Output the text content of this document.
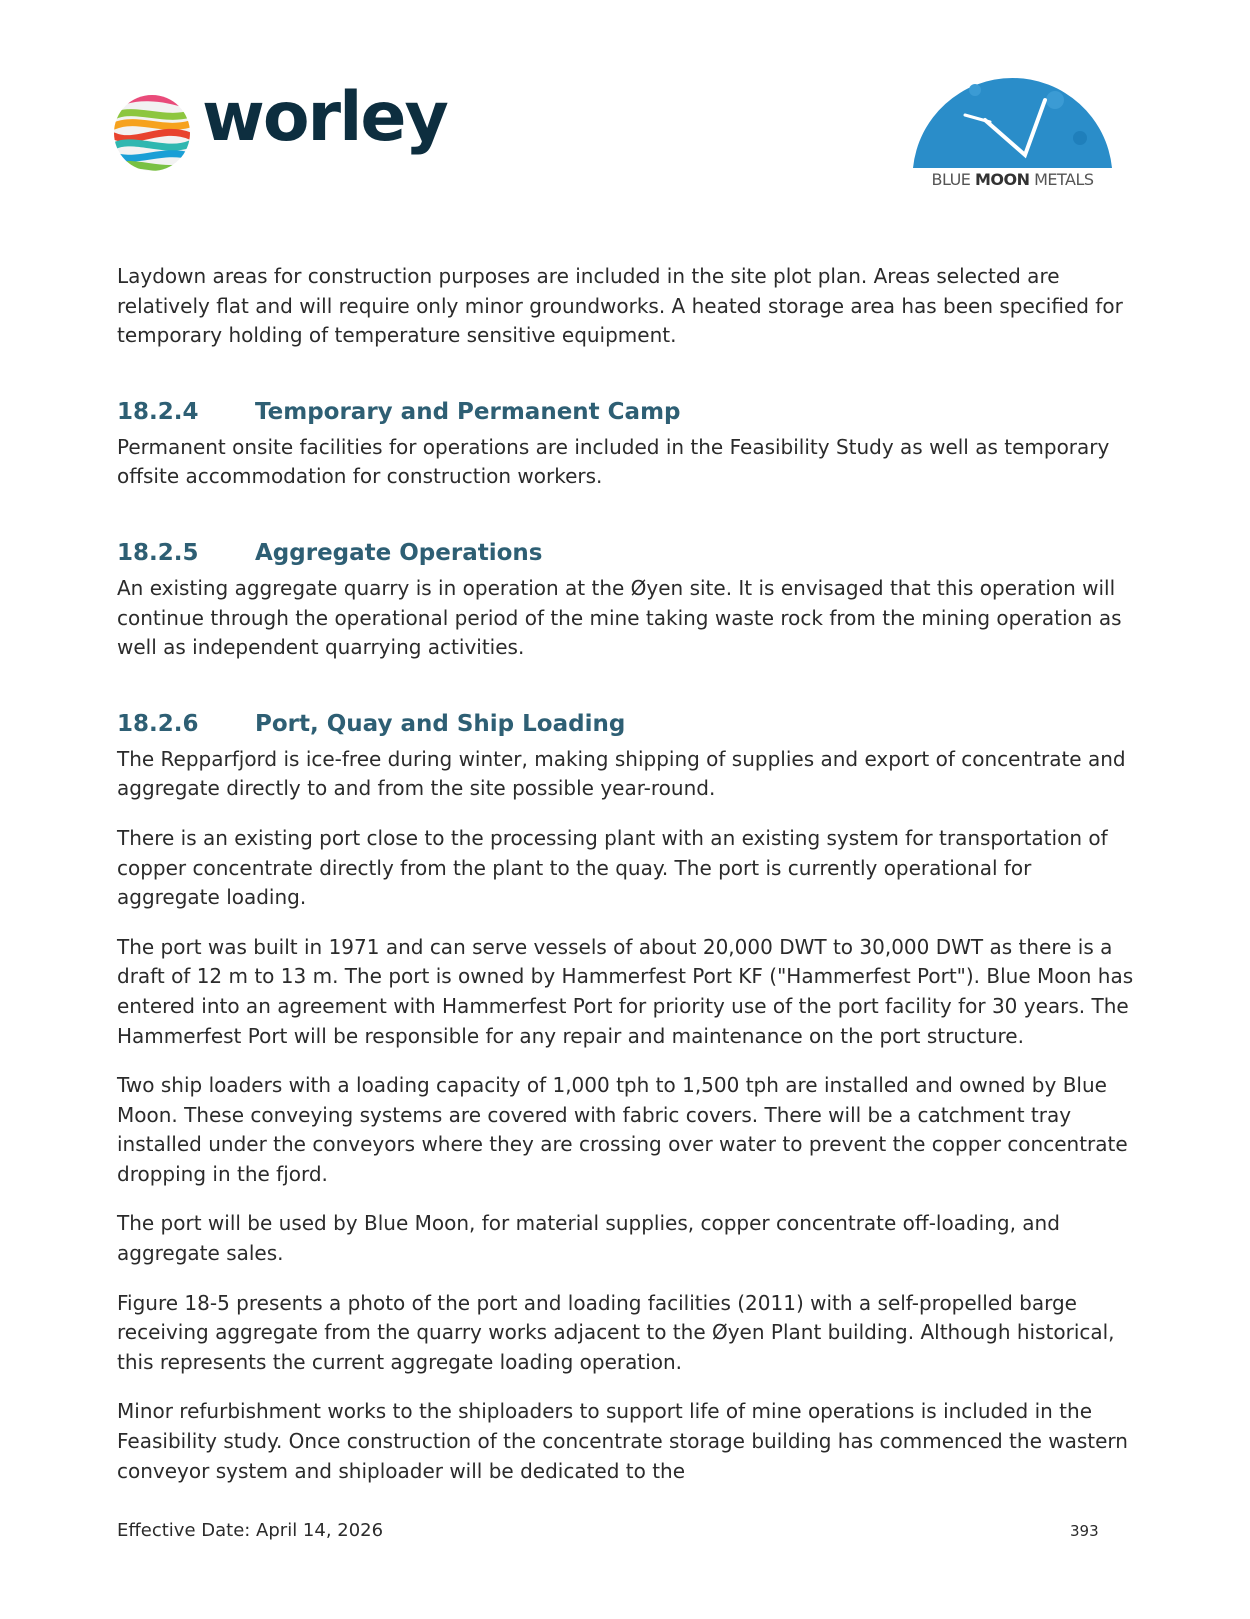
worley
BLUE MOON METALS

Laydown areas for construction purposes are included in the site plot plan. Areas selected are relatively flat and will require only minor groundworks. A heated storage area has been specified for temporary holding of temperature sensitive equipment.

18.2.4	Temporary and Permanent Camp

Permanent onsite facilities for operations are included in the Feasibility Study as well as temporary offsite accommodation for construction workers.

18.2.5	Aggregate Operations

An existing aggregate quarry is in operation at the Øyen site. It is envisaged that this operation will continue through the operational period of the mine taking waste rock from the mining operation as well as independent quarrying activities.

18.2.6	Port, Quay and Ship Loading

The Repparfjord is ice-free during winter, making shipping of supplies and export of concentrate and aggregate directly to and from the site possible year-round.

There is an existing port close to the processing plant with an existing system for transportation of copper concentrate directly from the plant to the quay. The port is currently operational for aggregate loading.

The port was built in 1971 and can serve vessels of about 20,000 DWT to 30,000 DWT as there is a draft of 12 m to 13 m. The port is owned by Hammerfest Port KF ("Hammerfest Port"). Blue Moon has entered into an agreement with Hammerfest Port for priority use of the port facility for 30 years. The Hammerfest Port will be responsible for any repair and maintenance on the port structure.

Two ship loaders with a loading capacity of 1,000 tph to 1,500 tph are installed and owned by Blue Moon. These conveying systems are covered with fabric covers. There will be a catchment tray installed under the conveyors where they are crossing over water to prevent the copper concentrate dropping in the fjord.

The port will be used by Blue Moon, for material supplies, copper concentrate off-loading, and aggregate sales.

Figure 18-5 presents a photo of the port and loading facilities (2011) with a self-propelled barge receiving aggregate from the quarry works adjacent to the Øyen Plant building. Although historical, this represents the current aggregate loading operation.

Minor refurbishment works to the shiploaders to support life of mine operations is included in the Feasibility study. Once construction of the concentrate storage building has commenced the wastern conveyor system and shiploader will be dedicated to the

Effective Date: April 14, 2026	393
